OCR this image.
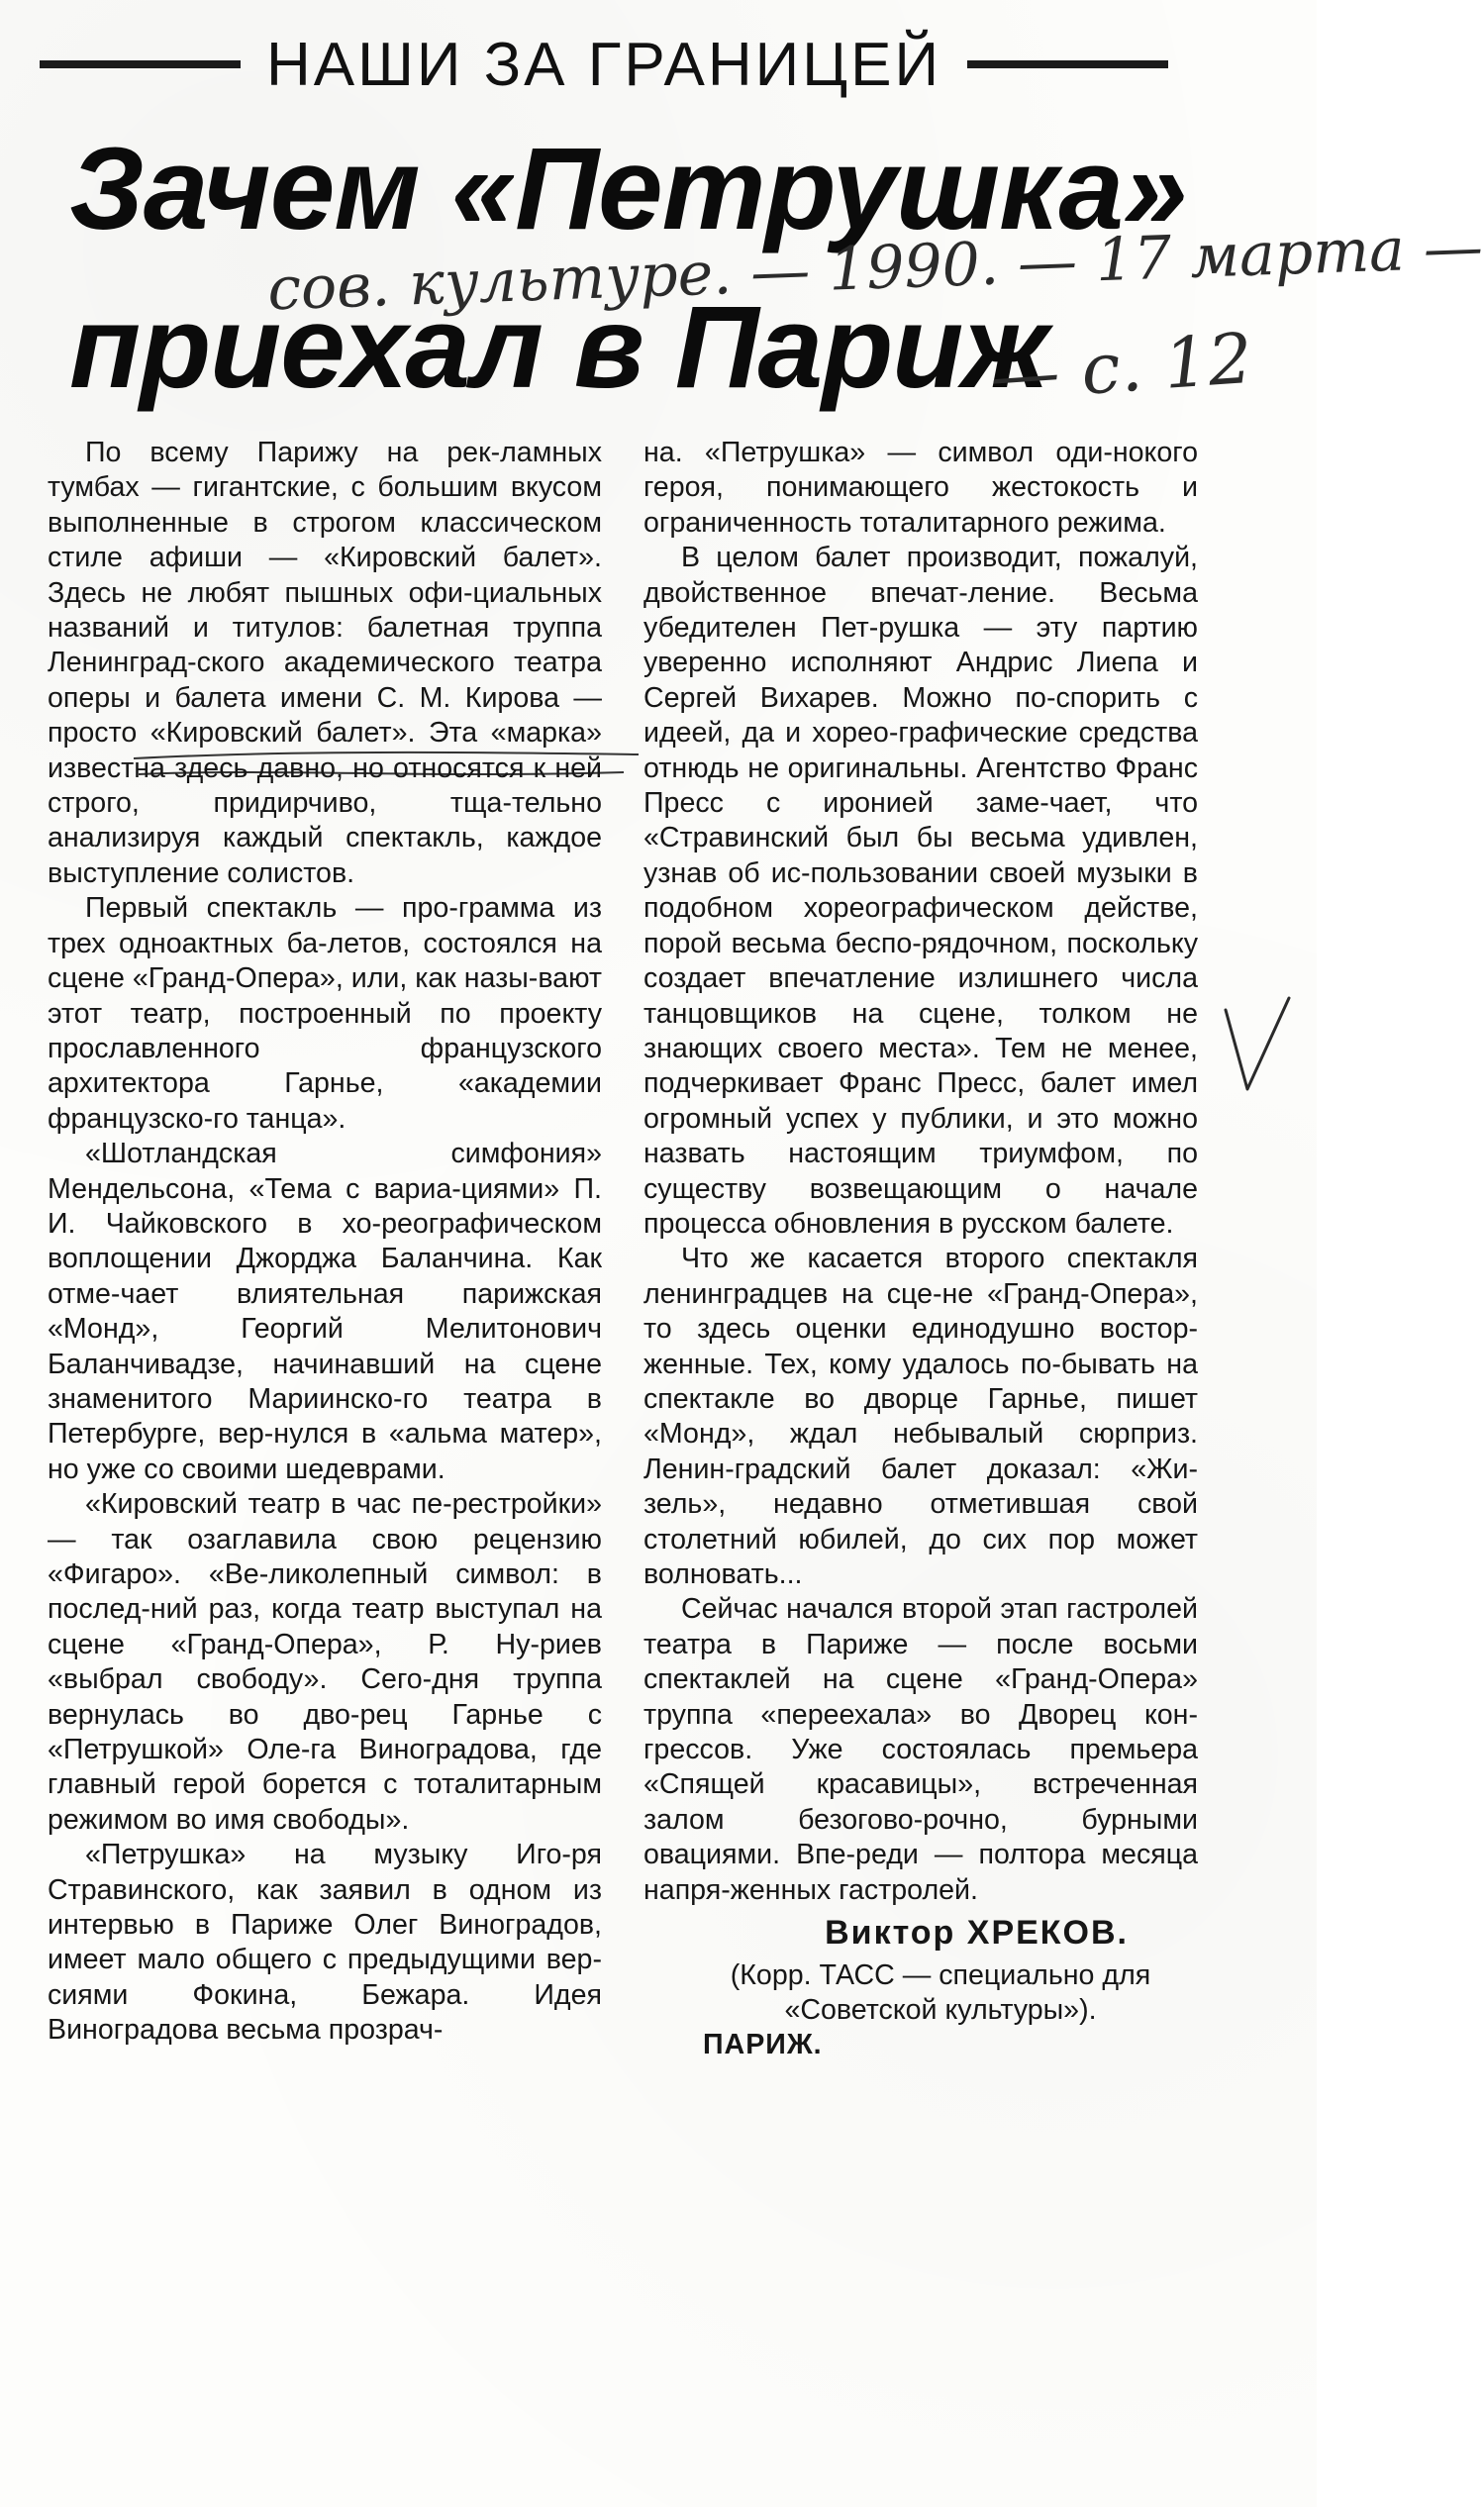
НАШИ ЗА ГРАНИЦЕЙ
Зачем «Петрушка»
сов. культуре. — 1990. — 17 марта —
приехал в Париж
— с. 12

По всему Парижу на рек-ламных тумбах — гигантские, с большим вкусом выполненные в строгом классическом стиле афиши — «Кировский балет». Здесь не любят пышных офи-циальных названий и титулов: балетная труппа Ленинград-ского академического театра оперы и балета имени С. М. Кирова — просто «Кировский балет». Эта «марка» известна здесь давно, но относятся к ней строго, придирчиво, тща-тельно анализируя каждый спектакль, каждое выступление солистов.

Первый спектакль — про-грамма из трех одноактных ба-летов, состоялся на сцене «Гранд-Опера», или, как назы-вают этот театр, построенный по проекту прославленного французского архитектора Гарнье, «академии французско-го танца».

«Шотландская симфония» Мендельсона, «Тема с вариа-циями» П. И. Чайковского в хо-реографическом воплощении Джорджа Баланчина. Как отме-чает влиятельная парижская «Монд», Георгий Мелитонович Баланчивадзе, начинавший на сцене знаменитого Мариинско-го театра в Петербурге, вер-нулся в «альма матер», но уже со своими шедеврами.

«Кировский театр в час пе-рестройки» — так озаглавила свою рецензию «Фигаро». «Ве-ликолепный символ: в послед-ний раз, когда театр выступал на сцене «Гранд-Опера», Р. Ну-риев «выбрал свободу». Сего-дня труппа вернулась во дво-рец Гарнье с «Петрушкой» Оле-га Виноградова, где главный герой борется с тоталитарным режимом во имя свободы».

«Петрушка» на музыку Иго-ря Стравинского, как заявил в одном из интервью в Париже Олег Виноградов, имеет мало общего с предыдущими вер-сиями Фокина, Бежара. Идея Виноградова весьма прозрач-

на. «Петрушка» — символ оди-нокого героя, понимающего жестокость и ограниченность тоталитарного режима.

В целом балет производит, пожалуй, двойственное впечат-ление. Весьма убедителен Пет-рушка — эту партию уверенно исполняют Андрис Лиепа и Сергей Вихарев. Можно по-спорить с идеей, да и хорео-графические средства отнюдь не оригинальны. Агентство Франс Пресс с иронией заме-чает, что «Стравинский был бы весьма удивлен, узнав об ис-пользовании своей музыки в подобном хореографическом действе, порой весьма беспо-рядочном, поскольку создает впечатление излишнего числа танцовщиков на сцене, толком не знающих своего места». Тем не менее, подчеркивает Франс Пресс, балет имел огромный успех у публики, и это можно назвать настоящим триумфом, по существу возвещающим о начале процесса обновления в русском балете.

Что же касается второго спектакля ленинградцев на сце-не «Гранд-Опера», то здесь оценки единодушно востор-женные. Тех, кому удалось по-бывать на спектакле во дворце Гарнье, пишет «Монд», ждал небывалый сюрприз. Ленин-градский балет доказал: «Жи-зель», недавно отметившая свой столетний юбилей, до сих пор может волновать...

Сейчас начался второй этап гастролей театра в Париже — после восьми спектаклей на сцене «Гранд-Опера» труппа «переехала» во Дворец кон-грессов. Уже состоялась премьера «Спящей красавицы», встреченная залом безогово-рочно, бурными овациями. Впе-реди — полтора месяца напря-женных гастролей.

Виктор ХРЕКОВ.
(Корр. ТАСС — специально для «Советской культуры»).
ПАРИЖ.
